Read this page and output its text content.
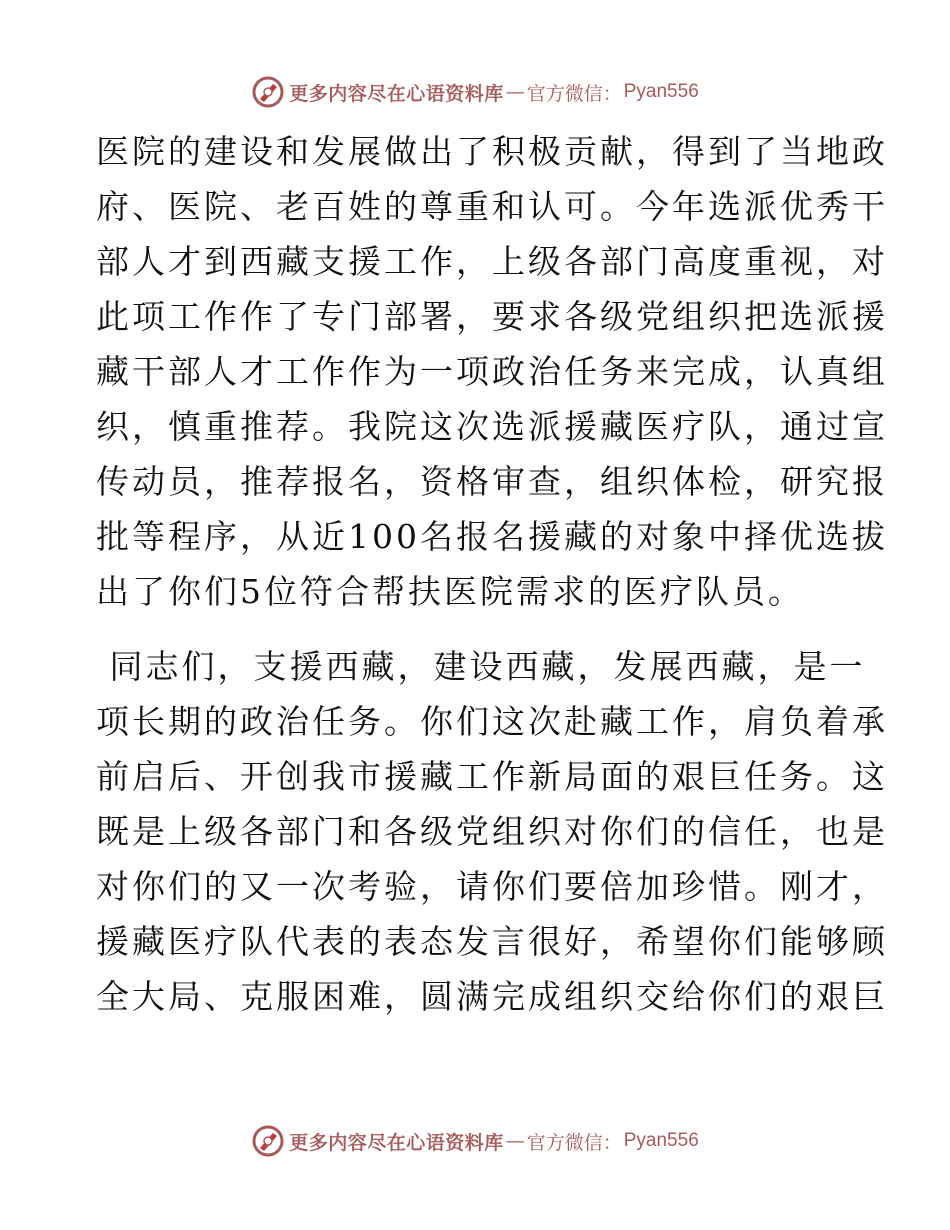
更多内容尽在心语资料库 — 官方微信： Pyan556
医院的建设和发展做出了积极贡献，得到了当地政
府、医院、老百姓的尊重和认可。今年选派优秀干
部人才到西藏支援工作，上级各部门高度重视，对
此项工作作了专门部署，要求各级党组织把选派援
藏干部人才工作作为一项政治任务来完成，认真组
织，慎重推荐。我院这次选派援藏医疗队，通过宣
传动员，推荐报名，资格审查，组织体检，研究报
批等程序，从近100名报名援藏的对象中择优选拔
出了你们5位符合帮扶医院需求的医疗队员。
同志们，支援西藏，建设西藏，发展西藏，是一
项长期的政治任务。你们这次赴藏工作，肩负着承
前启后、开创我市援藏工作新局面的艰巨任务。这
既是上级各部门和各级党组织对你们的信任，也是
对你们的又一次考验，请你们要倍加珍惜。刚才，
援藏医疗队代表的表态发言很好，希望你们能够顾
全大局、克服困难，圆满完成组织交给你们的艰巨
更多内容尽在心语资料库 — 官方微信： Pyan556
